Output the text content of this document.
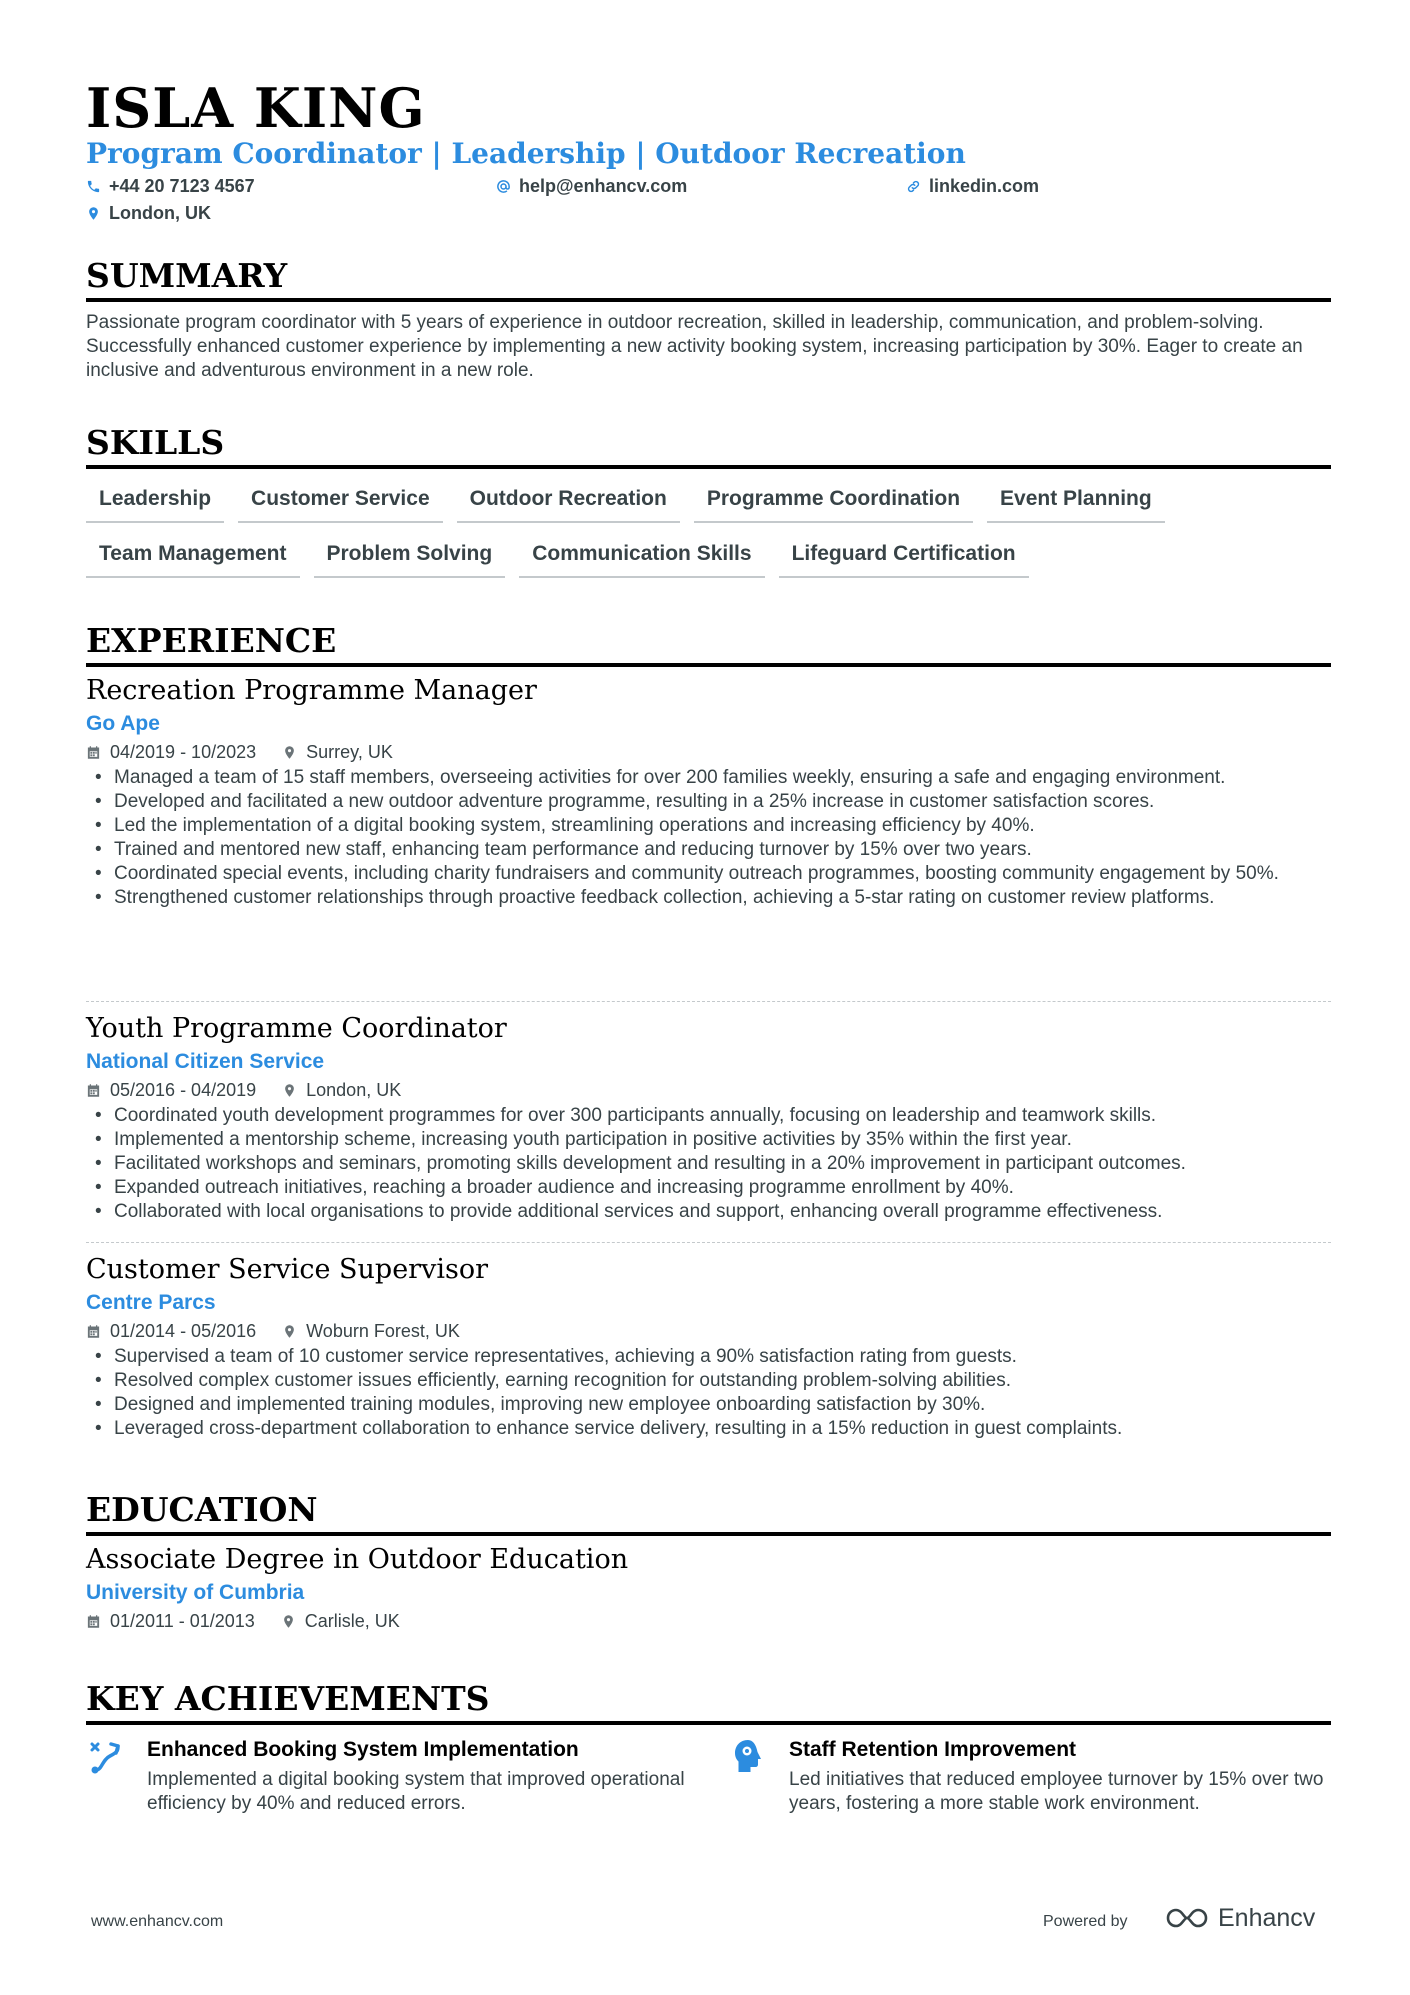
ISLA KING
Program Coordinator | Leadership | Outdoor Recreation
+44 20 7123 4567	help@enhancv.com	linkedin.com
London, UK
SUMMARY
Passionate program coordinator with 5 years of experience in outdoor recreation, skilled in leadership, communication, and problem-solving. Successfully enhanced customer experience by implementing a new activity booking system, increasing participation by 30%. Eager to create an inclusive and adventurous environment in a new role.
SKILLS
Leadership	Customer Service	Outdoor Recreation	Programme Coordination	Event Planning
Team Management	Problem Solving	Communication Skills	Lifeguard Certification
EXPERIENCE
Recreation Programme Manager
Go Ape
04/2019 - 10/2023	Surrey, UK
• Managed a team of 15 staff members, overseeing activities for over 200 families weekly, ensuring a safe and engaging environment.
• Developed and facilitated a new outdoor adventure programme, resulting in a 25% increase in customer satisfaction scores.
• Led the implementation of a digital booking system, streamlining operations and increasing efficiency by 40%.
• Trained and mentored new staff, enhancing team performance and reducing turnover by 15% over two years.
• Coordinated special events, including charity fundraisers and community outreach programmes, boosting community engagement by 50%.
• Strengthened customer relationships through proactive feedback collection, achieving a 5-star rating on customer review platforms.
Youth Programme Coordinator
National Citizen Service
05/2016 - 04/2019	London, UK
• Coordinated youth development programmes for over 300 participants annually, focusing on leadership and teamwork skills.
• Implemented a mentorship scheme, increasing youth participation in positive activities by 35% within the first year.
• Facilitated workshops and seminars, promoting skills development and resulting in a 20% improvement in participant outcomes.
• Expanded outreach initiatives, reaching a broader audience and increasing programme enrollment by 40%.
• Collaborated with local organisations to provide additional services and support, enhancing overall programme effectiveness.
Customer Service Supervisor
Centre Parcs
01/2014 - 05/2016	Woburn Forest, UK
• Supervised a team of 10 customer service representatives, achieving a 90% satisfaction rating from guests.
• Resolved complex customer issues efficiently, earning recognition for outstanding problem-solving abilities.
• Designed and implemented training modules, improving new employee onboarding satisfaction by 30%.
• Leveraged cross-department collaboration to enhance service delivery, resulting in a 15% reduction in guest complaints.
EDUCATION
Associate Degree in Outdoor Education
University of Cumbria
01/2011 - 01/2013	Carlisle, UK
KEY ACHIEVEMENTS
Enhanced Booking System Implementation
Implemented a digital booking system that improved operational efficiency by 40% and reduced errors.
Staff Retention Improvement
Led initiatives that reduced employee turnover by 15% over two years, fostering a more stable work environment.
www.enhancv.com	Powered by	Enhancv
